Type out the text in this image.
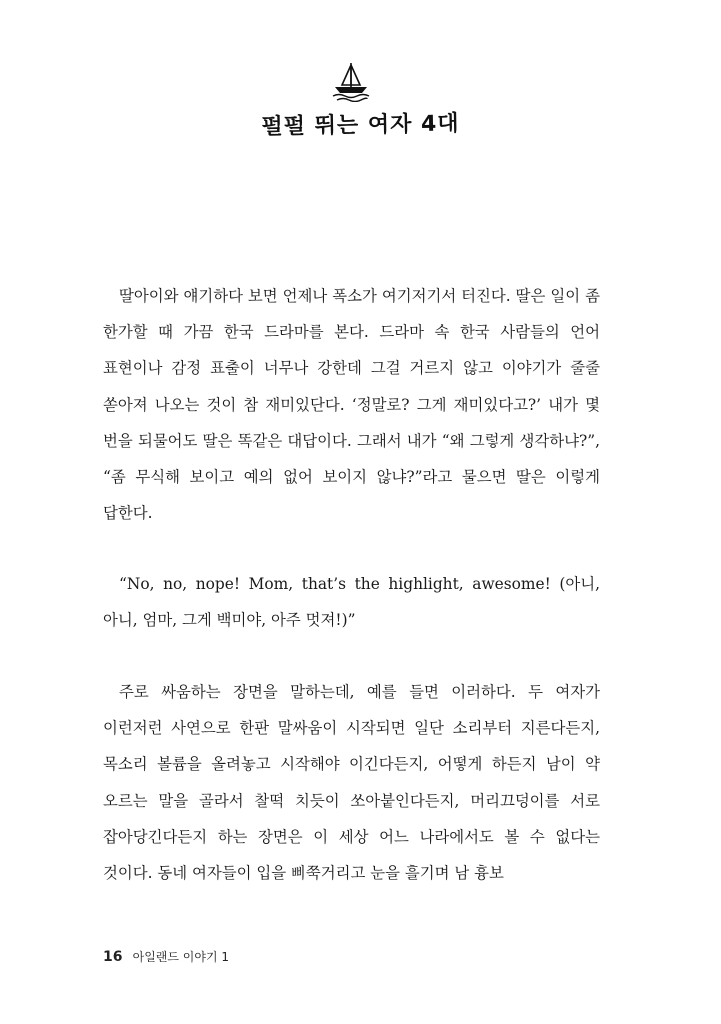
펄펄 뛰는 여자 4대

딸아이와 얘기하다 보면 언제나 폭소가 여기저기서 터진다. 딸은 일이 좀 한가할 때 가끔 한국 드라마를 본다. 드라마 속 한국 사람들의 언어 표현이나 감정 표출이 너무나 강한데 그걸 거르지 않고 이야기가 줄줄 쏟아져 나오는 것이 참 재미있단다. ‘정말로? 그게 재미있다고?’ 내가 몇 번을 되물어도 딸은 똑같은 대답이다. 그래서 내가 “왜 그렇게 생각하냐?”, “좀 무식해 보이고 예의 없어 보이지 않냐?”라고 물으면 딸은 이렇게 답한다.

“No, no, nope! Mom, that’s the highlight, awesome! (아니, 아니, 엄마, 그게 백미야, 아주 멋져!)”

주로 싸움하는 장면을 말하는데, 예를 들면 이러하다. 두 여자가 이런저런 사연으로 한판 말싸움이 시작되면 일단 소리부터 지른다든지, 목소리 볼륨을 올려놓고 시작해야 이긴다든지, 어떻게 하든지 남이 약 오르는 말을 골라서 찰떡 치듯이 쏘아붙인다든지, 머리끄덩이를 서로 잡아당긴다든지 하는 장면은 이 세상 어느 나라에서도 볼 수 없다는 것이다. 동네 여자들이 입을 삐쭉거리고 눈을 흘기며 남 흉보

16 아일랜드 이야기 1
